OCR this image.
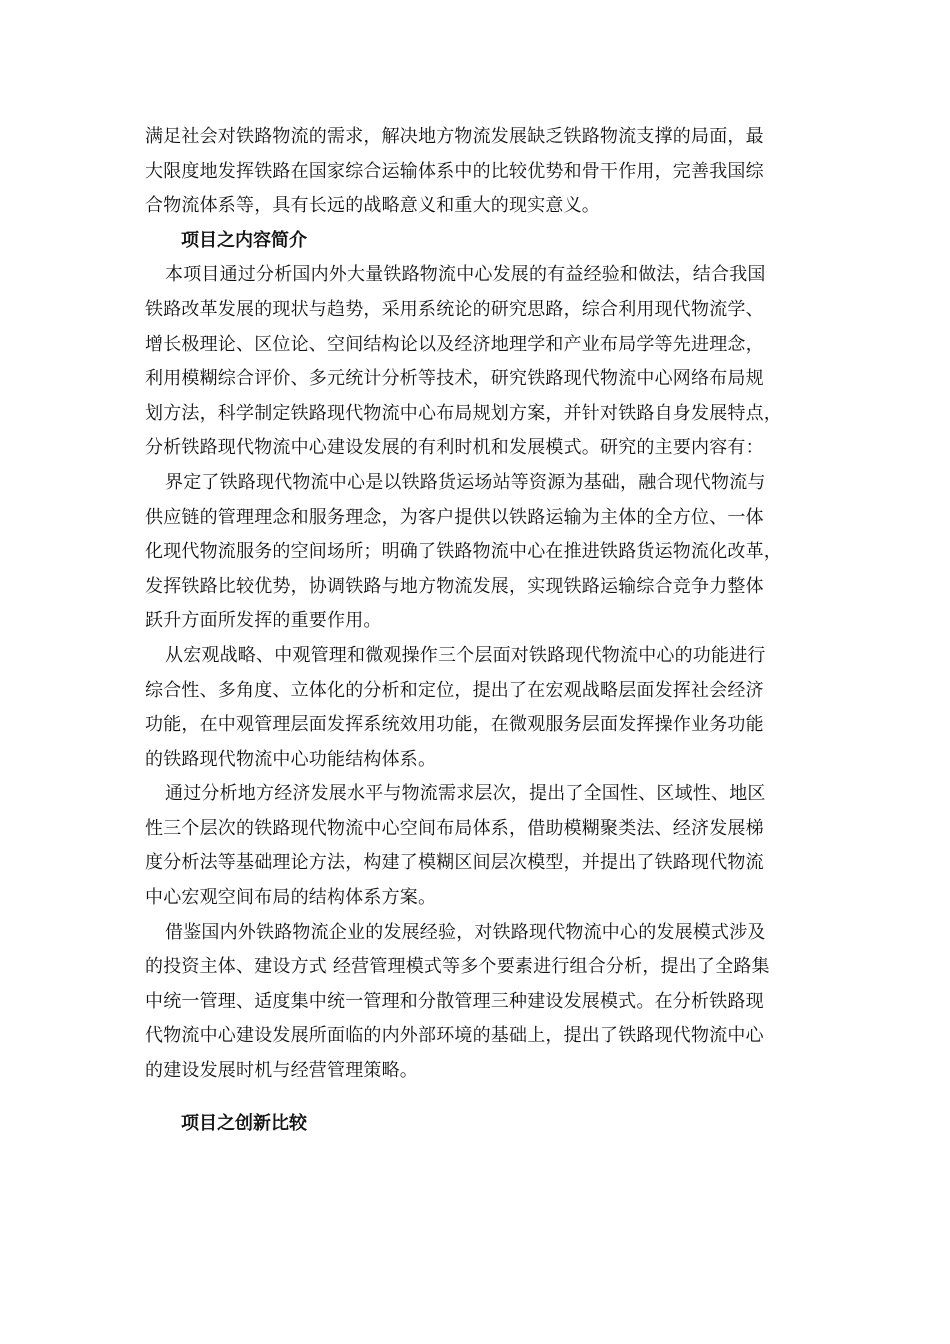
满足社会对铁路物流的需求，解决地方物流发展缺乏铁路物流支撑的局面，最
大限度地发挥铁路在国家综合运输体系中的比较优势和骨干作用，完善我国综
合物流体系等，具有长远的战略意义和重大的现实意义。

项目之内容简介

本项目通过分析国内外大量铁路物流中心发展的有益经验和做法，结合我国
铁路改革发展的现状与趋势，采用系统论的研究思路，综合利用现代物流学、
增长极理论、区位论、空间结构论以及经济地理学和产业布局学等先进理念，
利用模糊综合评价、多元统计分析等技术，研究铁路现代物流中心网络布局规
划方法，科学制定铁路现代物流中心布局规划方案，并针对铁路自身发展特点，
分析铁路现代物流中心建设发展的有利时机和发展模式。研究的主要内容有：

界定了铁路现代物流中心是以铁路货运场站等资源为基础，融合现代物流与
供应链的管理理念和服务理念，为客户提供以铁路运输为主体的全方位、一体
化现代物流服务的空间场所；明确了铁路物流中心在推进铁路货运物流化改革，
发挥铁路比较优势，协调铁路与地方物流发展，实现铁路运输综合竞争力整体
跃升方面所发挥的重要作用。

从宏观战略、中观管理和微观操作三个层面对铁路现代物流中心的功能进行
综合性、多角度、立体化的分析和定位，提出了在宏观战略层面发挥社会经济
功能，在中观管理层面发挥系统效用功能，在微观服务层面发挥操作业务功能
的铁路现代物流中心功能结构体系。

通过分析地方经济发展水平与物流需求层次，提出了全国性、区域性、地区
性三个层次的铁路现代物流中心空间布局体系，借助模糊聚类法、经济发展梯
度分析法等基础理论方法，构建了模糊区间层次模型，并提出了铁路现代物流
中心宏观空间布局的结构体系方案。

借鉴国内外铁路物流企业的发展经验，对铁路现代物流中心的发展模式涉及
的投资主体、建设方式 经营管理模式等多个要素进行组合分析，提出了全路集
中统一管理、适度集中统一管理和分散管理三种建设发展模式。在分析铁路现
代物流中心建设发展所面临的内外部环境的基础上，提出了铁路现代物流中心
的建设发展时机与经营管理策略。

项目之创新比较
